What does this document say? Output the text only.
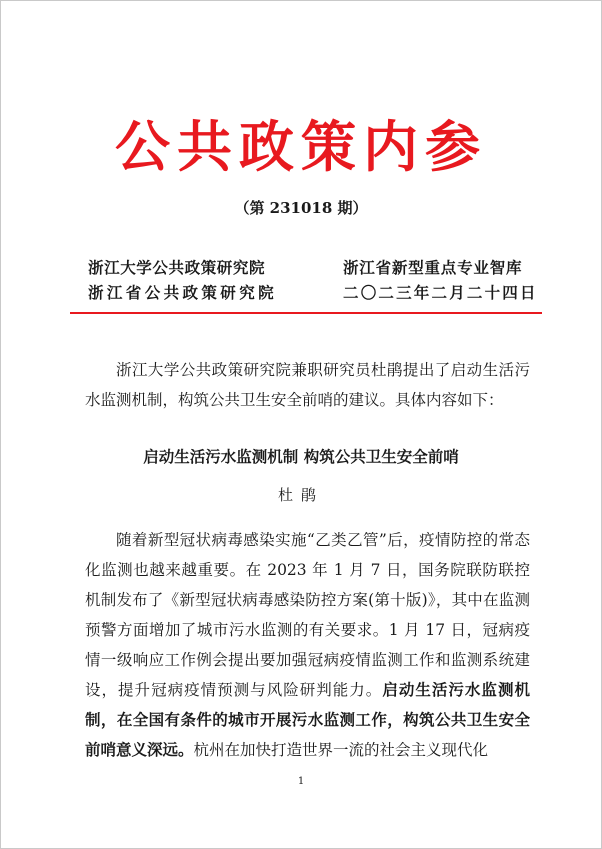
公共政策内参
（第 231018 期）
浙江大学公共政策研究院	浙江省新型重点专业智库
浙江省公共政策研究院	二〇二三年二月二十四日
浙江大学公共政策研究院兼职研究员杜鹃提出了启动生活污水监测机制，构筑公共卫生安全前哨的建议。具体内容如下：
启动生活污水监测机制 构筑公共卫生安全前哨
杜鹃
随着新型冠状病毒感染实施“乙类乙管”后，疫情防控的常态化监测也越来越重要。在 2023 年 1 月 7 日，国务院联防联控机制发布了《新型冠状病毒感染防控方案(第十版)》，其中在监测预警方面增加了城市污水监测的有关要求。1 月 17 日，冠病疫情一级响应工作例会提出要加强冠病疫情监测工作和监测系统建设，提升冠病疫情预测与风险研判能力。启动生活污水监测机制，在全国有条件的城市开展污水监测工作，构筑公共卫生安全前哨意义深远。杭州在加快打造世界一流的社会主义现代化
1
